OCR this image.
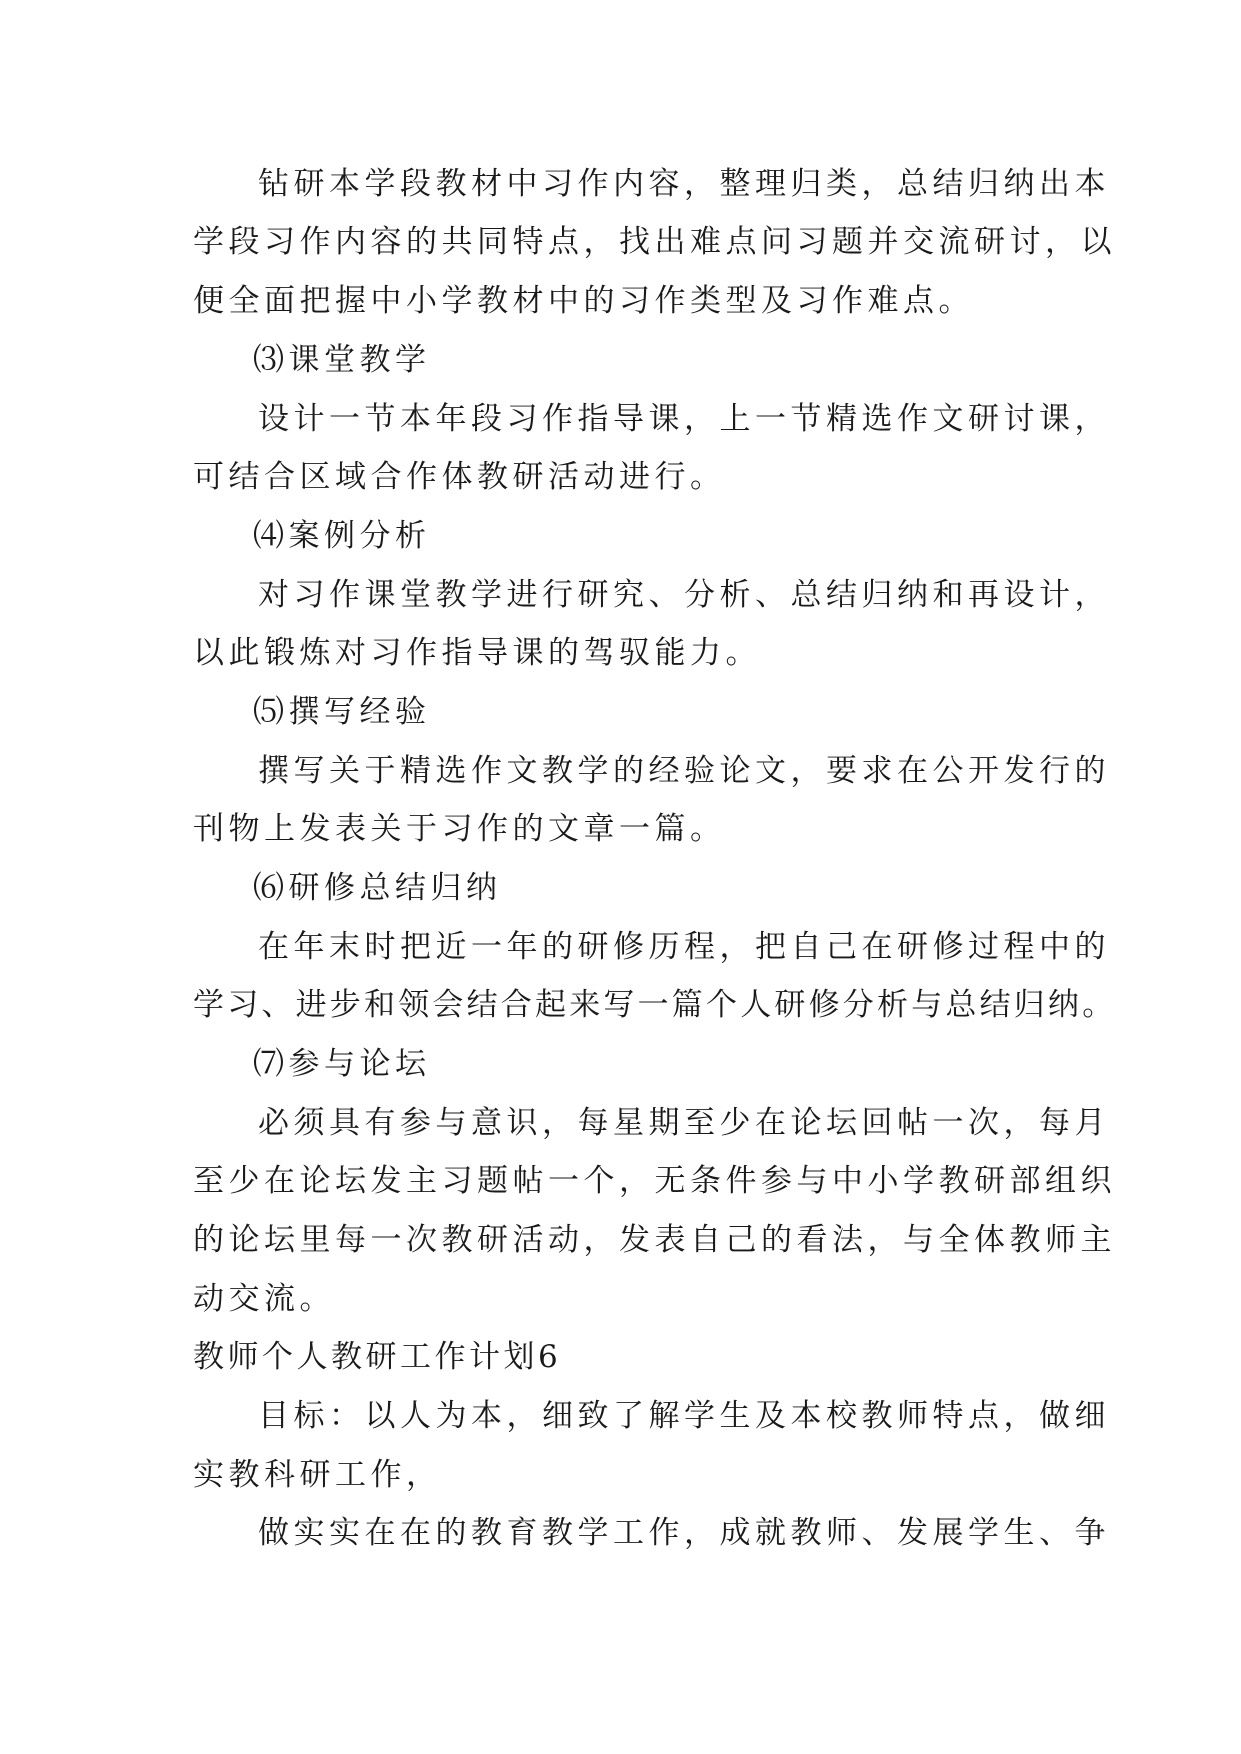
钻研本学段教材中习作内容，整理归类，总结归纳出本
学段习作内容的共同特点，找出难点问习题并交流研讨，以
便全面把握中小学教材中的习作类型及习作难点。
⑶课堂教学
设计一节本年段习作指导课，上一节精选作文研讨课，
可结合区域合作体教研活动进行。
⑷案例分析
对习作课堂教学进行研究、分析、总结归纳和再设计，
以此锻炼对习作指导课的驾驭能力。
⑸撰写经验
撰写关于精选作文教学的经验论文，要求在公开发行的
刊物上发表关于习作的文章一篇。
⑹研修总结归纳
在年末时把近一年的研修历程，把自己在研修过程中的
学习、进步和领会结合起来写一篇个人研修分析与总结归纳。
⑺参与论坛
必须具有参与意识，每星期至少在论坛回帖一次，每月
至少在论坛发主习题帖一个，无条件参与中小学教研部组织
的论坛里每一次教研活动，发表自己的看法，与全体教师主
动交流。
教师个人教研工作计划6
目标：以人为本，细致了解学生及本校教师特点，做细
实教科研工作，
做实实在在的教育教学工作，成就教师、发展学生、争
